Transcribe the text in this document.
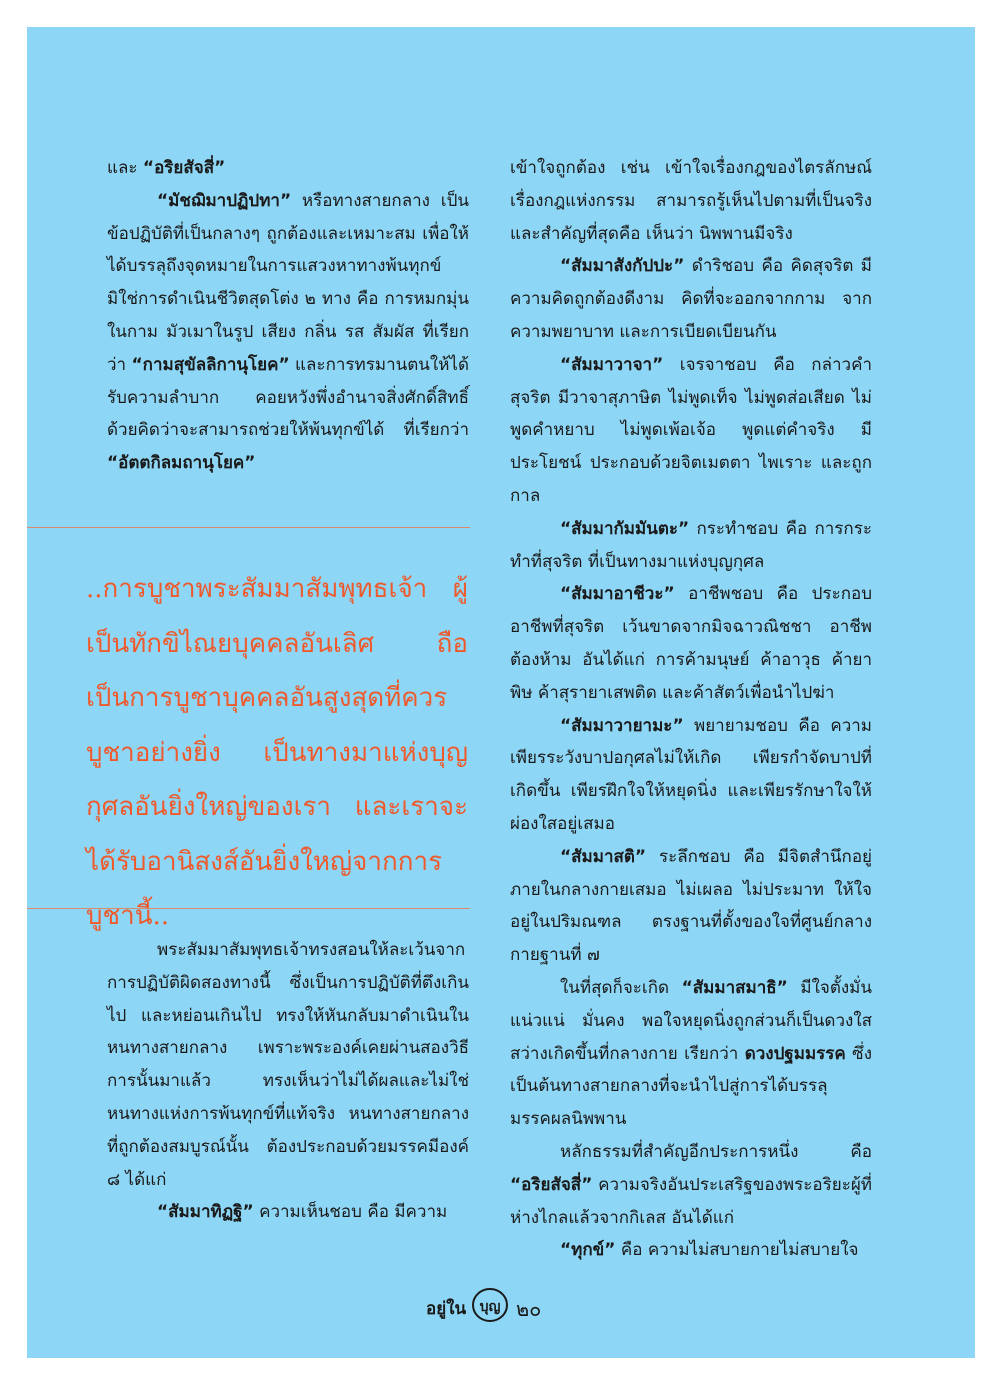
และ “อริยสัจสี่”

“มัชฌิมาปฏิปทา” หรือทางสายกลาง เป็นข้อปฏิบัติที่เป็นกลางๆ ถูกต้องและเหมาะสม เพื่อให้ได้บรรลุถึงจุดหมายในการแสวงหาทางพ้นทุกข์ มิใช่การดำเนินชีวิตสุดโต่ง ๒ ทาง คือ การหมกมุ่นในกาม มัวเมาในรูป เสียง กลิ่น รส สัมผัส ที่เรียกว่า “กามสุขัลลิกานุโยค” และการทรมานตนให้ได้รับความลำบาก คอยหวังพึ่งอำนาจสิ่งศักดิ์สิทธิ์ ด้วยคิดว่าจะสามารถช่วยให้พ้นทุกข์ได้ ที่เรียกว่า “อัตตกิลมถานุโยค”

..การบูชาพระสัมมาสัมพุทธเจ้า ผู้เป็นทักขิไณยบุคคลอันเลิศ ถือเป็นการบูชาบุคคลอันสูงสุดที่ควรบูชาอย่างยิ่ง เป็นทางมาแห่งบุญกุศลอันยิ่งใหญ่ของเรา และเราจะได้รับอานิสงส์อันยิ่งใหญ่จากการบูชานี้..

พระสัมมาสัมพุทธเจ้าทรงสอนให้ละเว้นจากการปฏิบัติผิดสองทางนี้ ซึ่งเป็นการปฏิบัติที่ตึงเกินไป และหย่อนเกินไป ทรงให้หันกลับมาดำเนินในหนทางสายกลาง เพราะพระองค์เคยผ่านสองวิธีการนั้นมาแล้ว ทรงเห็นว่าไม่ได้ผลและไม่ใช่หนทางแห่งการพ้นทุกข์ที่แท้จริง หนทางสายกลางที่ถูกต้องสมบูรณ์นั้น ต้องประกอบด้วยมรรคมีองค์ ๘ ได้แก่

“สัมมาทิฏฐิ” ความเห็นชอบ คือ มีความ

เข้าใจถูกต้อง เช่น เข้าใจเรื่องกฎของไตรลักษณ์ เรื่องกฎแห่งกรรม สามารถรู้เห็นไปตามที่เป็นจริง และสำคัญที่สุดคือ เห็นว่า นิพพานมีจริง

“สัมมาสังกัปปะ” ดำริชอบ คือ คิดสุจริต มีความคิดถูกต้องดีงาม คิดที่จะออกจากกาม จากความพยาบาท และการเบียดเบียนกัน

“สัมมาวาจา” เจรจาชอบ คือ กล่าวคำสุจริต มีวาจาสุภาษิต ไม่พูดเท็จ ไม่พูดส่อเสียด ไม่พูดคำหยาบ ไม่พูดเพ้อเจ้อ พูดแต่คำจริง มีประโยชน์ ประกอบด้วยจิตเมตตา ไพเราะ และถูกกาล

“สัมมากัมมันตะ” กระทำชอบ คือ การกระทำที่สุจริต ที่เป็นทางมาแห่งบุญกุศล

“สัมมาอาชีวะ” อาชีพชอบ คือ ประกอบอาชีพที่สุจริต เว้นขาดจากมิจฉาวณิชชา อาชีพต้องห้าม อันได้แก่ การค้ามนุษย์ ค้าอาวุธ ค้ายาพิษ ค้าสุรายาเสพติด และค้าสัตว์เพื่อนำไปฆ่า

“สัมมาวายามะ” พยายามชอบ คือ ความเพียรระวังบาปอกุศลไม่ให้เกิด เพียรกำจัดบาปที่เกิดขึ้น เพียรฝึกใจให้หยุดนิ่ง และเพียรรักษาใจให้ผ่องใสอยู่เสมอ

“สัมมาสติ” ระลึกชอบ คือ มีจิตสำนึกอยู่ภายในกลางกายเสมอ ไม่เผลอ ไม่ประมาท ให้ใจอยู่ในปริมณฑล ตรงฐานที่ตั้งของใจที่ศูนย์กลางกายฐานที่ ๗

ในที่สุดก็จะเกิด “สัมมาสมาธิ” มีใจตั้งมั่นแน่วแน่ มั่นคง พอใจหยุดนิ่งถูกส่วนก็เป็นดวงใสสว่างเกิดขึ้นที่กลางกาย เรียกว่า ดวงปฐมมรรค ซึ่งเป็นต้นทางสายกลางที่จะนำไปสู่การได้บรรลุมรรคผลนิพพาน

หลักธรรมที่สำคัญอีกประการหนึ่ง คือ “อริยสัจสี่” ความจริงอันประเสริฐของพระอริยะผู้ที่ห่างไกลแล้วจากกิเลส อันได้แก่

“ทุกข์” คือ ความไม่สบายกายไม่สบายใจ

อยู่ใน บุญ ๒๐
